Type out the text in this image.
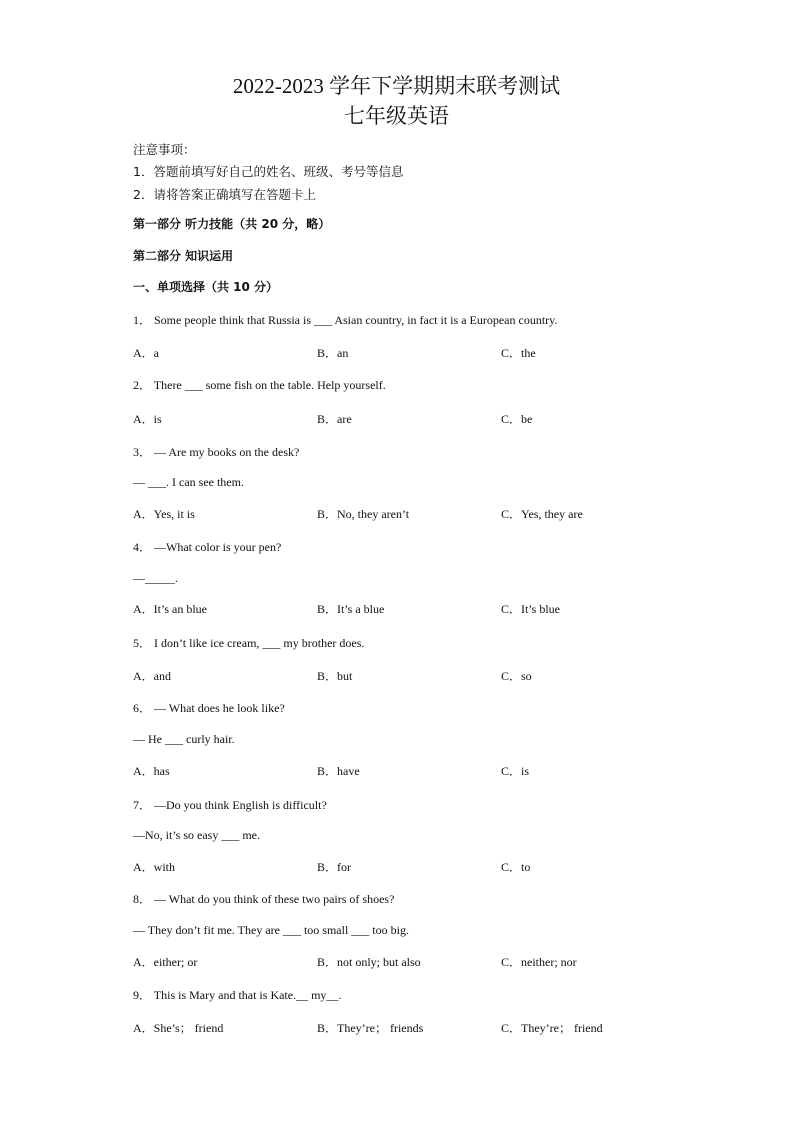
2022-2023 学年下学期期末联考测试
七年级英语
注意事项：
1．答题前填写好自己的姓名、班级、考号等信息
2．请将答案正确填写在答题卡上
第一部分 听力技能（共 20 分，略）
第二部分 知识运用
一、单项选择（共 10 分）
1． Some people think that Russia is ___ Asian country, in fact it is a European country.
A．a	B．an	C．the
2． There ___ some fish on the table. Help yourself.
A．is	B．are	C．be
3． — Are my books on the desk?
— ___. I can see them.
A．Yes, it is	B．No, they aren’t	C．Yes, they are
4． —What color is your pen?
—_____.
A．It’s an blue	B．It’s a blue	C．It’s blue
5． I don’t like ice cream, ___ my brother does.
A．and	B．but	C．so
6． — What does he look like?
— He ___ curly hair.
A．has	B．have	C．is
7． —Do you think English is difficult?
—No, it’s so easy ___ me.
A．with	B．for	C．to
8． — What do you think of these two pairs of shoes?
— They don’t fit me. They are ___ too small ___ too big.
A．either; or	B．not only; but also	C．neither; nor
9． This is Mary and that is Kate.__ my__.
A．She’s； friend	B．They’re； friends	C．They’re； friend
